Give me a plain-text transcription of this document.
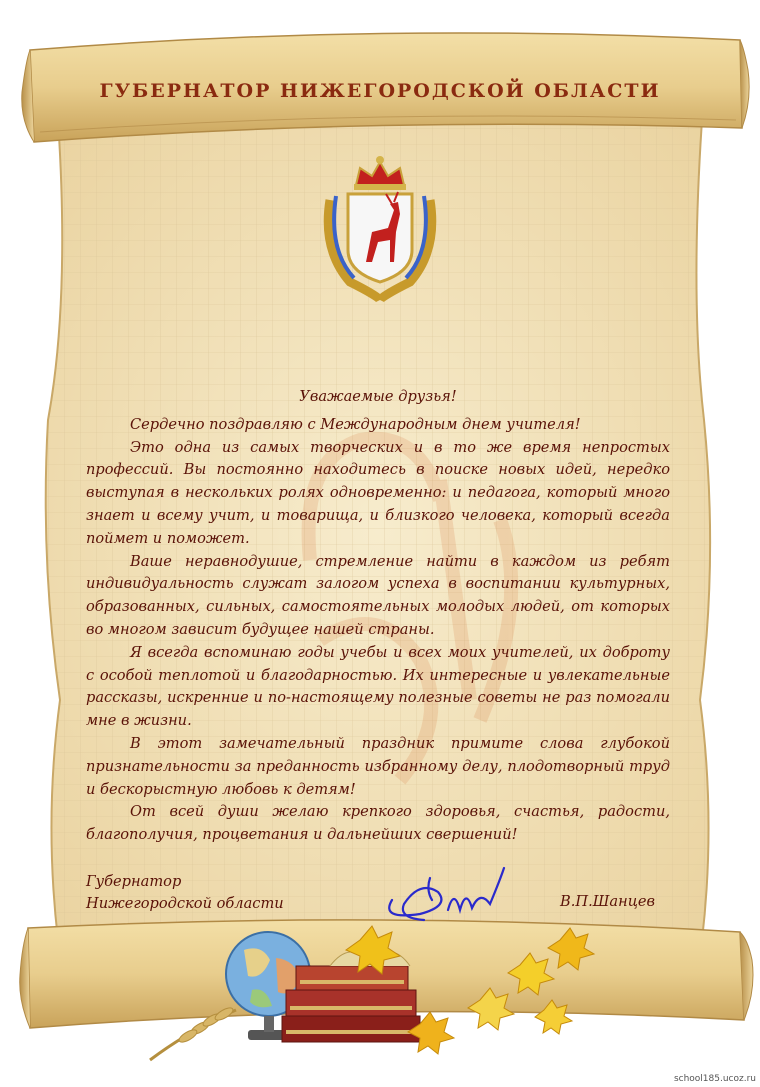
ГУБЕРНАТОР НИЖЕГОРОДСКОЙ ОБЛАСТИ

Уважаемые друзья!

Сердечно поздравляю с Международным днем учителя!

Это одна из самых творческих и в то же время непростых профессий. Вы постоянно находитесь в поиске новых идей, нередко выступая в нескольких ролях одновременно: и педагога, который много знает и всему учит, и товарища, и близкого человека, который всегда поймет и поможет.

Ваше неравнодушие, стремление найти в каждом из ребят индивидуальность служат залогом успеха в воспитании культурных, образованных, сильных, самостоятельных молодых людей, от которых во многом зависит будущее нашей страны.

Я всегда вспоминаю годы учебы и всех моих учителей, их доброту с особой теплотой и благодарностью. Их интересные и увлекательные рассказы, искренние и по-настоящему полезные советы не раз помогали мне в жизни.

В этот замечательный праздник примите слова глубокой признательности за преданность избранному делу, плодотворный труд и бескорыстную любовь к детям!

От всей души желаю крепкого здоровья, счастья, радости, благополучия, процветания и дальнейших свершений!

Губернатор
Нижегородской области	В.П.Шанцев
school185.ucoz.ru
